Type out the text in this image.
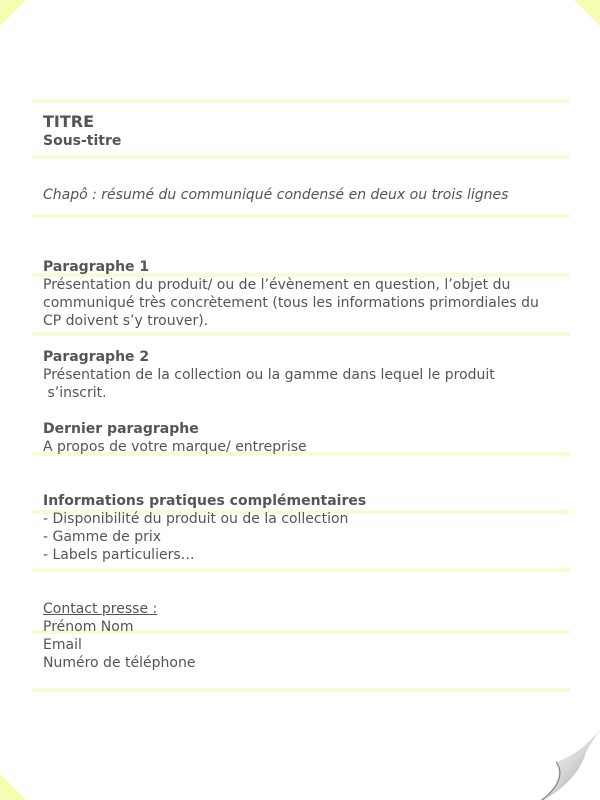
TITRE
Sous-titre
Chapô : résumé du communiqué condensé en deux ou trois lignes
Paragraphe 1
Présentation du produit/ ou de l’évènement en question, l’objet du
communiqué très concrètement (tous les informations primordiales du
CP doivent s’y trouver).
Paragraphe 2
Présentation de la collection ou la gamme dans lequel le produit
s’inscrit.
Dernier paragraphe
A propos de votre marque/ entreprise
Informations pratiques complémentaires
- Disponibilité du produit ou de la collection
- Gamme de prix
- Labels particuliers…
Contact presse :
Prénom Nom
Email
Numéro de téléphone
